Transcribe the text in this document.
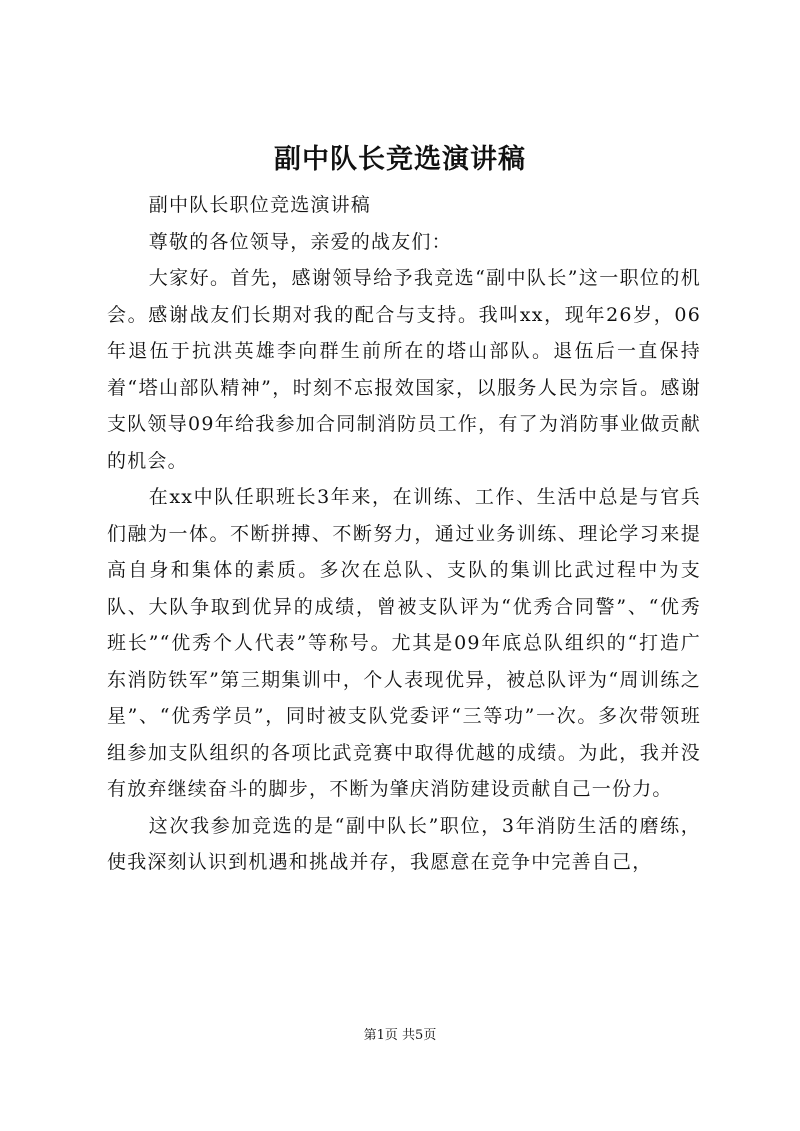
副中队长竞选演讲稿

副中队长职位竞选演讲稿

尊敬的各位领导，亲爱的战友们：

大家好。首先，感谢领导给予我竞选“副中队长”这一职位的机会。感谢战友们长期对我的配合与支持。我叫xx，现年26岁，06年退伍于抗洪英雄李向群生前所在的塔山部队。退伍后一直保持着“塔山部队精神”，时刻不忘报效国家，以服务人民为宗旨。感谢支队领导09年给我参加合同制消防员工作，有了为消防事业做贡献的机会。

在xx中队任职班长3年来，在训练、工作、生活中总是与官兵们融为一体。不断拼搏、不断努力，通过业务训练、理论学习来提高自身和集体的素质。多次在总队、支队的集训比武过程中为支队、大队争取到优异的成绩，曾被支队评为“优秀合同警”、“优秀班长”“优秀个人代表”等称号。尤其是09年底总队组织的“打造广东消防铁军”第三期集训中，个人表现优异，被总队评为“周训练之星”、“优秀学员”，同时被支队党委评“三等功”一次。多次带领班组参加支队组织的各项比武竞赛中取得优越的成绩。为此，我并没有放弃继续奋斗的脚步，不断为肇庆消防建设贡献自己一份力。

这次我参加竞选的是“副中队长”职位，3年消防生活的磨练，使我深刻认识到机遇和挑战并存，我愿意在竞争中完善自己，

第1页 共5页
